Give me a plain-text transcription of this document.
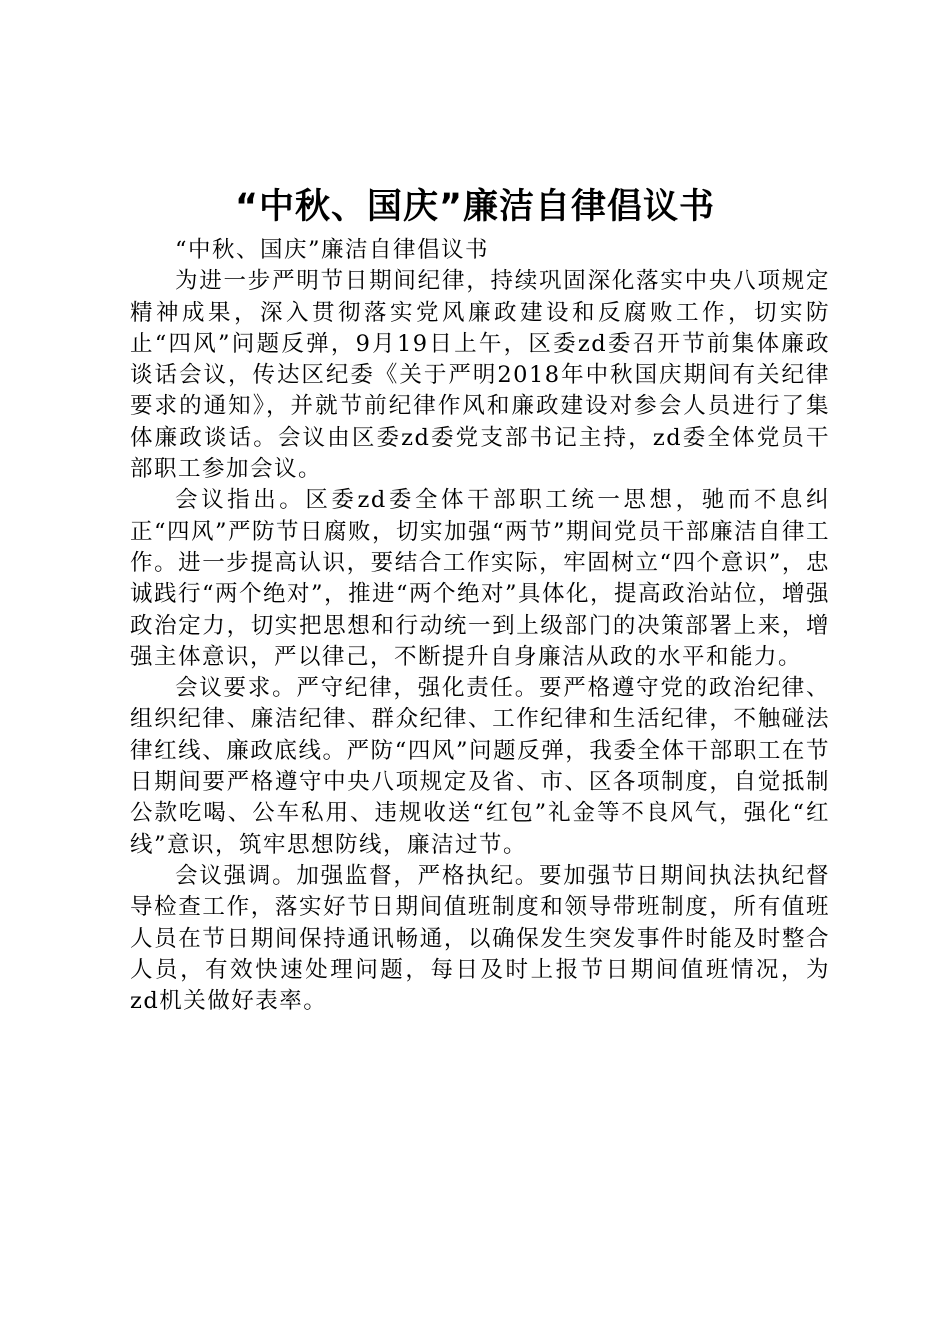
“中秋、国庆”廉洁自律倡议书

“中秋、国庆”廉洁自律倡议书

为进一步严明节日期间纪律，持续巩固深化落实中央八项规定精神成果，深入贯彻落实党风廉政建设和反腐败工作，切实防止“四风”问题反弹，9月19日上午，区委zd委召开节前集体廉政谈话会议，传达区纪委《关于严明2018年中秋国庆期间有关纪律要求的通知》，并就节前纪律作风和廉政建设对参会人员进行了集体廉政谈话。会议由区委zd委党支部书记主持，zd委全体党员干部职工参加会议。

会议指出。区委zd委全体干部职工统一思想，驰而不息纠正“四风”严防节日腐败，切实加强“两节”期间党员干部廉洁自律工作。进一步提高认识，要结合工作实际，牢固树立“四个意识”，忠诚践行“两个绝对”，推进“两个绝对”具体化，提高政治站位，增强政治定力，切实把思想和行动统一到上级部门的决策部署上来，增强主体意识，严以律己，不断提升自身廉洁从政的水平和能力。

会议要求。严守纪律，强化责任。要严格遵守党的政治纪律、组织纪律、廉洁纪律、群众纪律、工作纪律和生活纪律，不触碰法律红线、廉政底线。严防“四风”问题反弹，我委全体干部职工在节日期间要严格遵守中央八项规定及省、市、区各项制度，自觉抵制公款吃喝、公车私用、违规收送“红包”礼金等不良风气，强化“红线”意识，筑牢思想防线，廉洁过节。

会议强调。加强监督，严格执纪。要加强节日期间执法执纪督导检查工作，落实好节日期间值班制度和领导带班制度，所有值班人员在节日期间保持通讯畅通，以确保发生突发事件时能及时整合人员，有效快速处理问题，每日及时上报节日期间值班情况，为zd机关做好表率。
